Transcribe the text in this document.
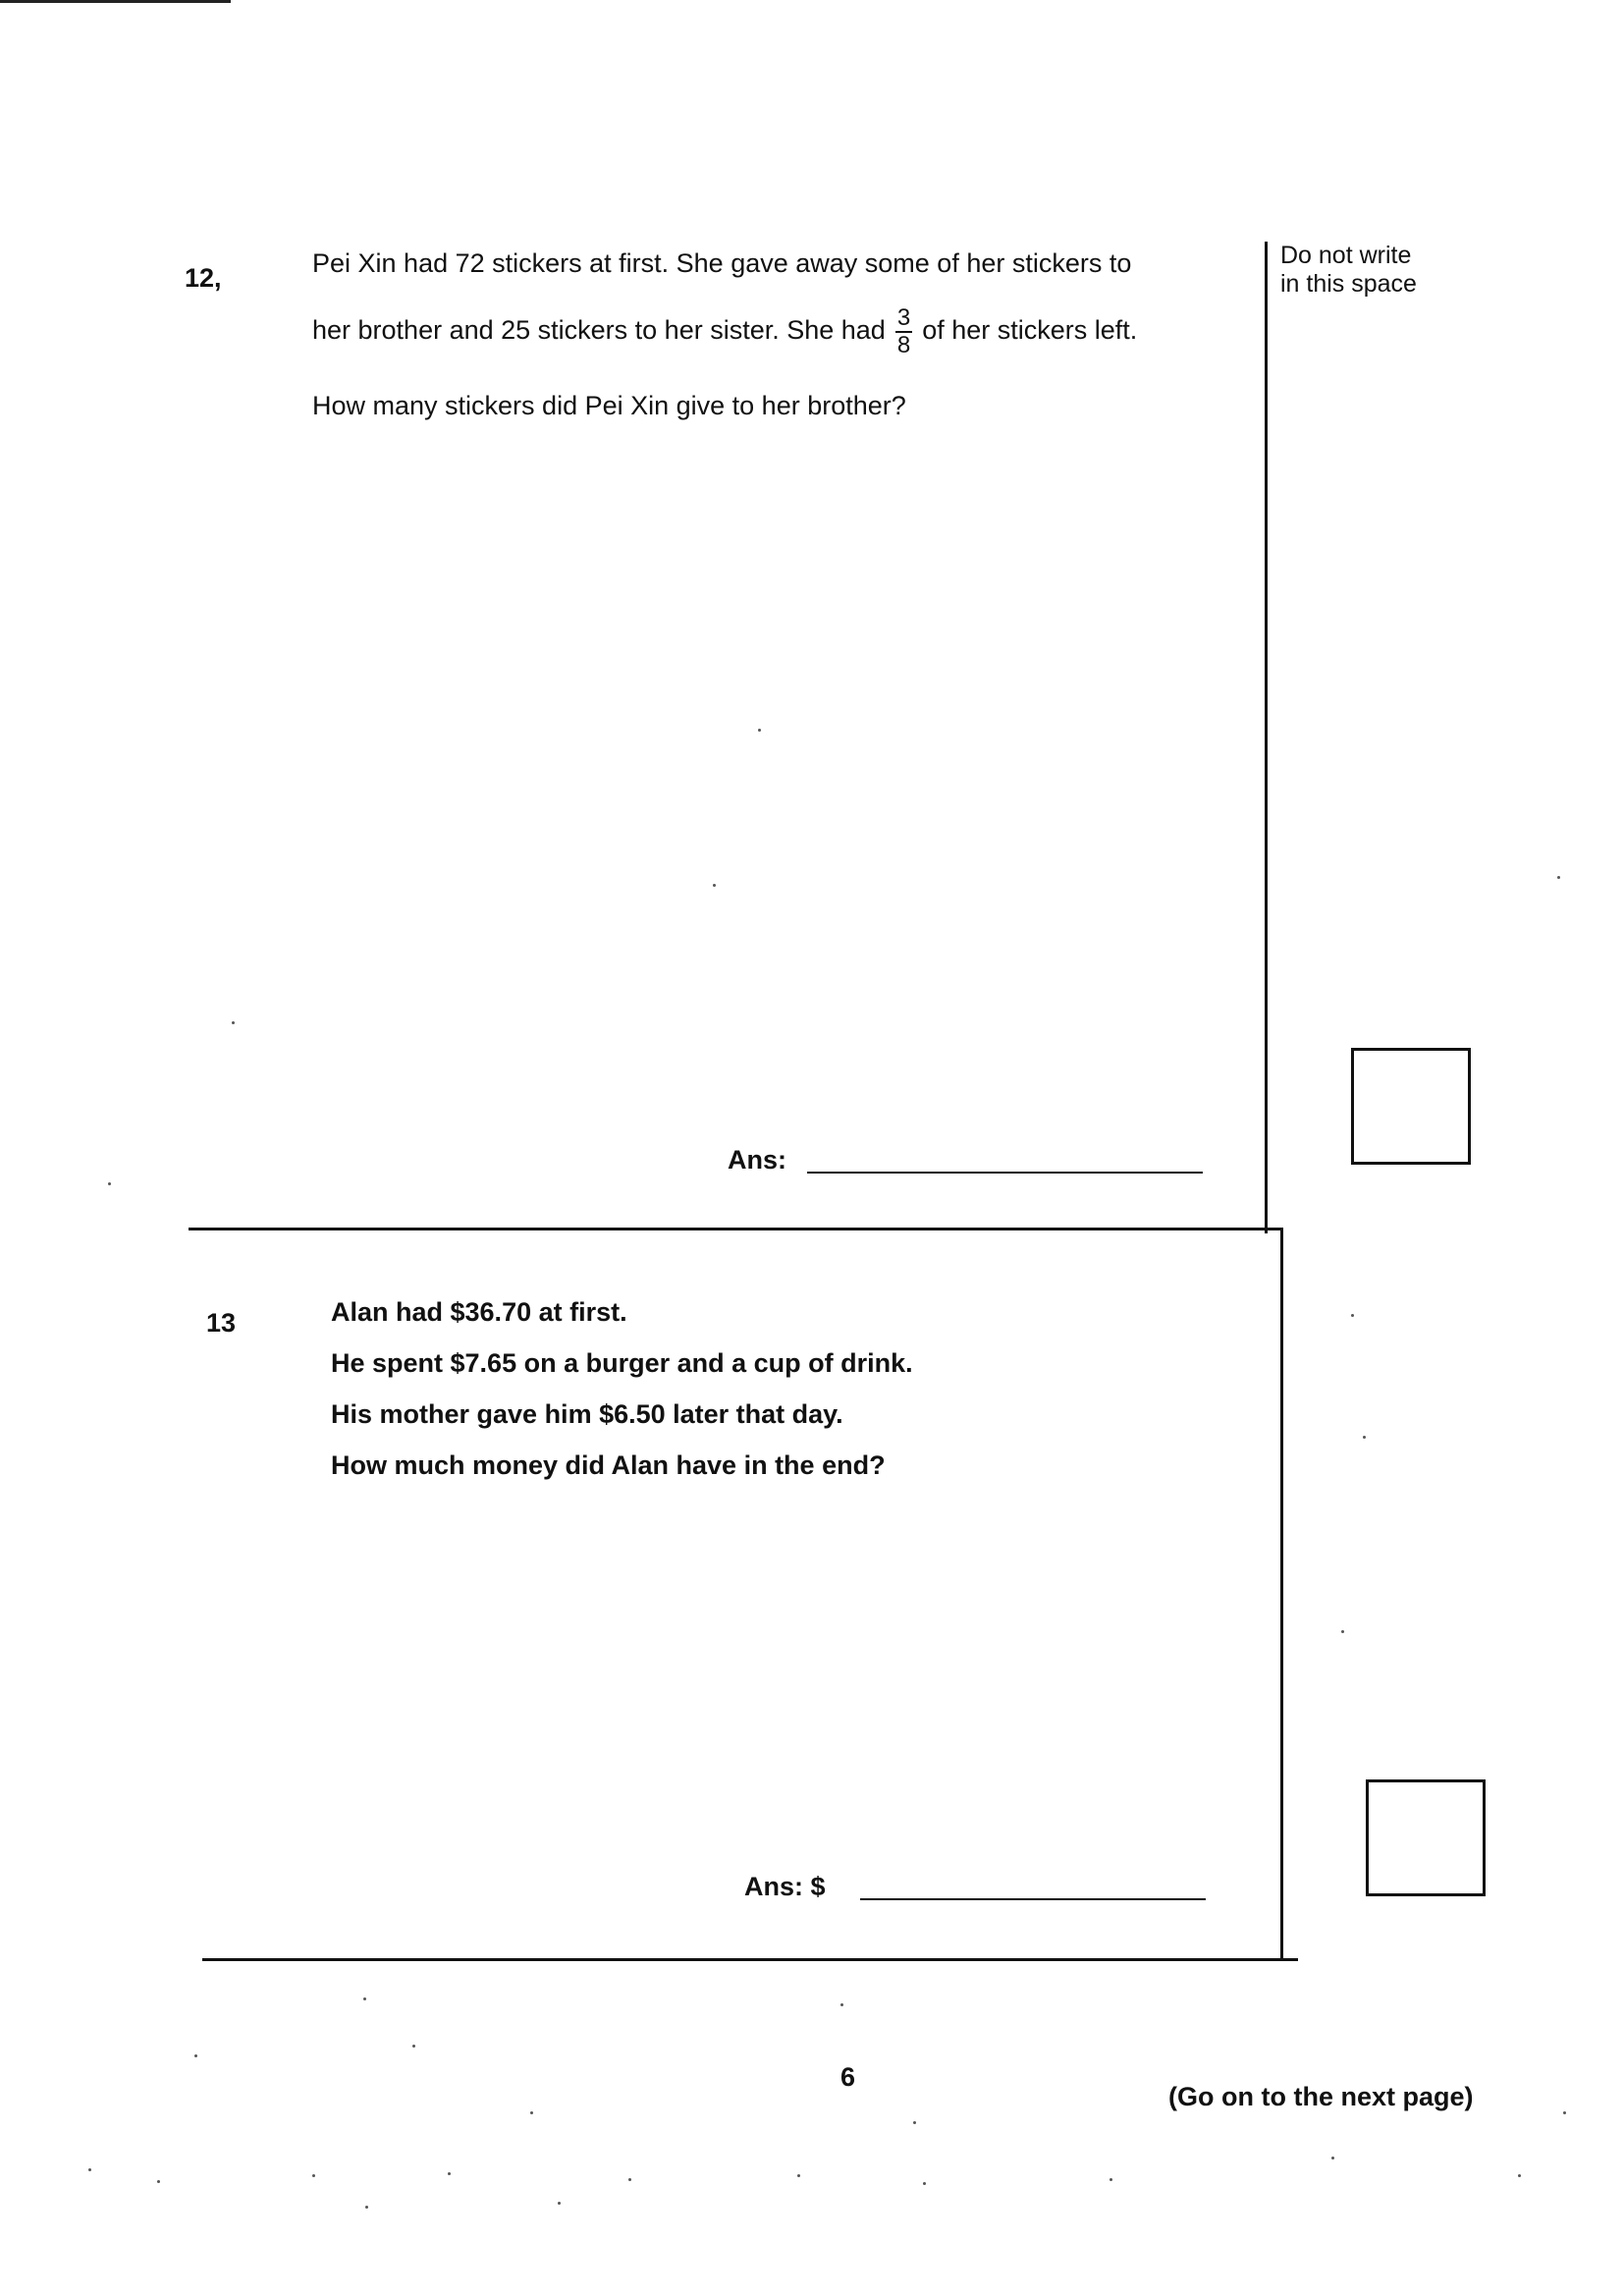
12,	Pei Xin had 72 stickers at first. She gave away some of her stickers to
her brother and 25 stickers to her sister. She had $\frac{3}{8}$ of her stickers left.
How many stickers did Pei Xin give to her brother?
Ans:
Do not write
in this space
13	Alan had $36.70 at first.
He spent $7.65 on a burger and a cup of drink.
His mother gave him $6.50 later that day.
How much money did Alan have in the end?
Ans: $
6
(Go on to the next page)
